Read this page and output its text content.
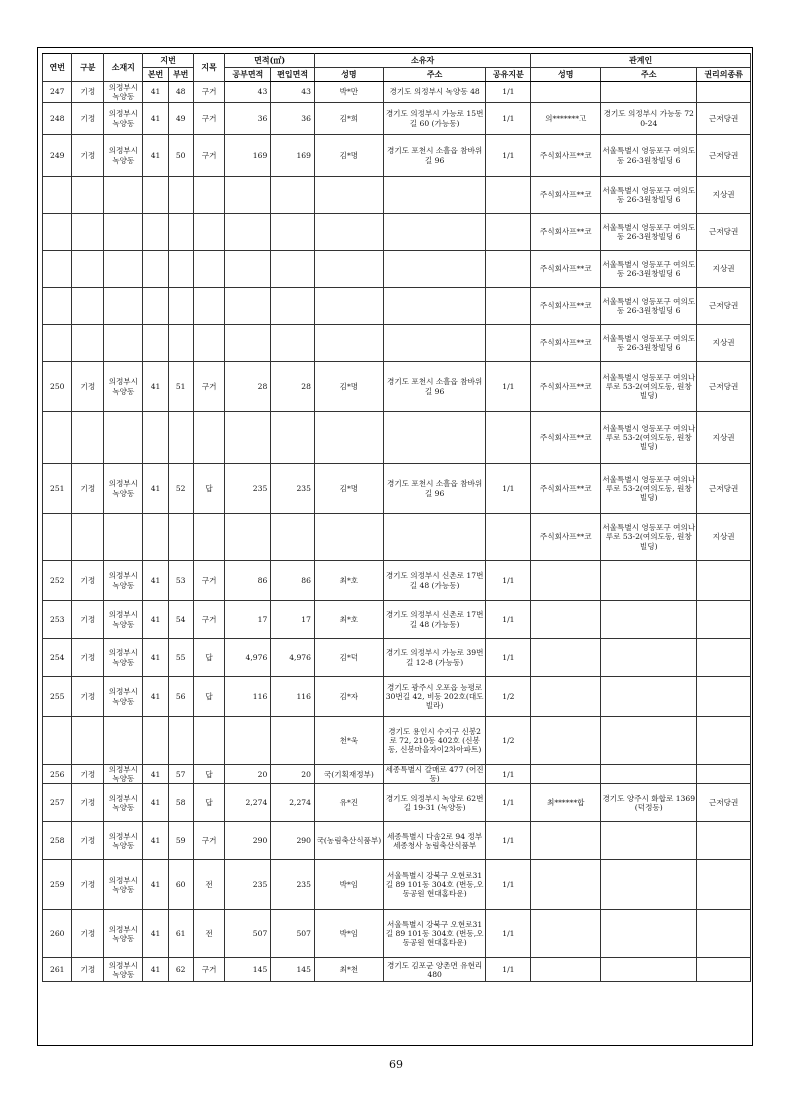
연번	구분	소재지	지번		지목	면적(㎡)		소유자			관계인		
			본번	부번		공부면적	편입면적	성명	주소	공유지분	성명	주소	권리의종류
247	기정	의정부시 녹양동	41	48	구거	43	43	박*만	경기도 의정부시 녹양동 48	1/1			
248	기정	의정부시 녹양동	41	49	구거	36	36	김*희	경기도 의정부시 가능로 15번길 60 (가능동)	1/1	의*******고	경기도 의정부시 가능동 720-24	근저당권
249	기정	의정부시 녹양동	41	50	구거	169	169	김*명	경기도 포천시 소흘읍 참바위길 96	1/1	주식회사프**코	서울특별시 영등포구 여의도동 26-3원창빌딩 6	근저당권
											주식회사프**코	서울특별시 영등포구 여의도동 26-3원창빌딩 6	지상권
											주식회사프**코	서울특별시 영등포구 여의도동 26-3원창빌딩 6	근저당권
											주식회사프**코	서울특별시 영등포구 여의도동 26-3원창빌딩 6	지상권
											주식회사프**코	서울특별시 영등포구 여의도동 26-3원창빌딩 6	근저당권
											주식회사프**코	서울특별시 영등포구 여의도동 26-3원창빌딩 6	지상권
250	기정	의정부시 녹양동	41	51	구거	28	28	김*명	경기도 포천시 소흘읍 참바위길 96	1/1	주식회사프**코	서울특별시 영등포구 여의나루로 53-2(여의도동, 원창빌딩)	근저당권
											주식회사프**코	서울특별시 영등포구 여의나루로 53-2(여의도동, 원창빌딩)	지상권
251	기정	의정부시 녹양동	41	52	답	235	235	김*명	경기도 포천시 소흘읍 참바위길 96	1/1	주식회사프**코	서울특별시 영등포구 여의나루로 53-2(여의도동, 원창빌딩)	근저당권
											주식회사프**코	서울특별시 영등포구 여의나루로 53-2(여의도동, 원창빌딩)	지상권
252	기정	의정부시 녹양동	41	53	구거	86	86	최*호	경기도 의정부시 신촌로 17번길 48 (가능동)	1/1			
253	기정	의정부시 녹양동	41	54	구거	17	17	최*호	경기도 의정부시 신촌로 17번길 48 (가능동)	1/1			
254	기정	의정부시 녹양동	41	55	답	4,976	4,976	김*덕	경기도 의정부시 가능로 39번길 12-8 (가능동)	1/1			
255	기정	의정부시 녹양동	41	56	답	116	116	김*자	경기도 광주시 오포읍 능평로30번길 42, 비동 202호(대도빌라)	1/2			
								천*욱	경기도 용인시 수지구 신봉2로 72, 210동 402호 (신봉동, 신봉마을자이2차아파트)	1/2			
256	기정	의정부시 녹양동	41	57	답	20	20	국(기획재정부)	세종특별시 갈매로 477 (어진동)	1/1			
257	기정	의정부시 녹양동	41	58	답	2,274	2,274	유*진	경기도 의정부시 녹양로 62번길 19-31 (녹양동)	1/1	최******합	경기도 양주시 화합로 1369(덕정동)	근저당권
258	기정	의정부시 녹양동	41	59	구거	290	290	국(농림축산식품부)	세종특별시 다솜2로 94 정부세종청사 농림축산식품부	1/1			
259	기정	의정부시 녹양동	41	60	전	235	235	박*임	서울특별시 강북구 오현로31길 89 101동 304호 (번동,오동공원 현대홈타운)	1/1			
260	기정	의정부시 녹양동	41	61	전	507	507	박*임	서울특별시 강북구 오현로31길 89 101동 304호 (번동,오동공원 현대홈타운)	1/1			
261	기정	의정부시 녹양동	41	62	구거	145	145	최*천	경기도 김포군 양촌면 유현리 480	1/1			
69
